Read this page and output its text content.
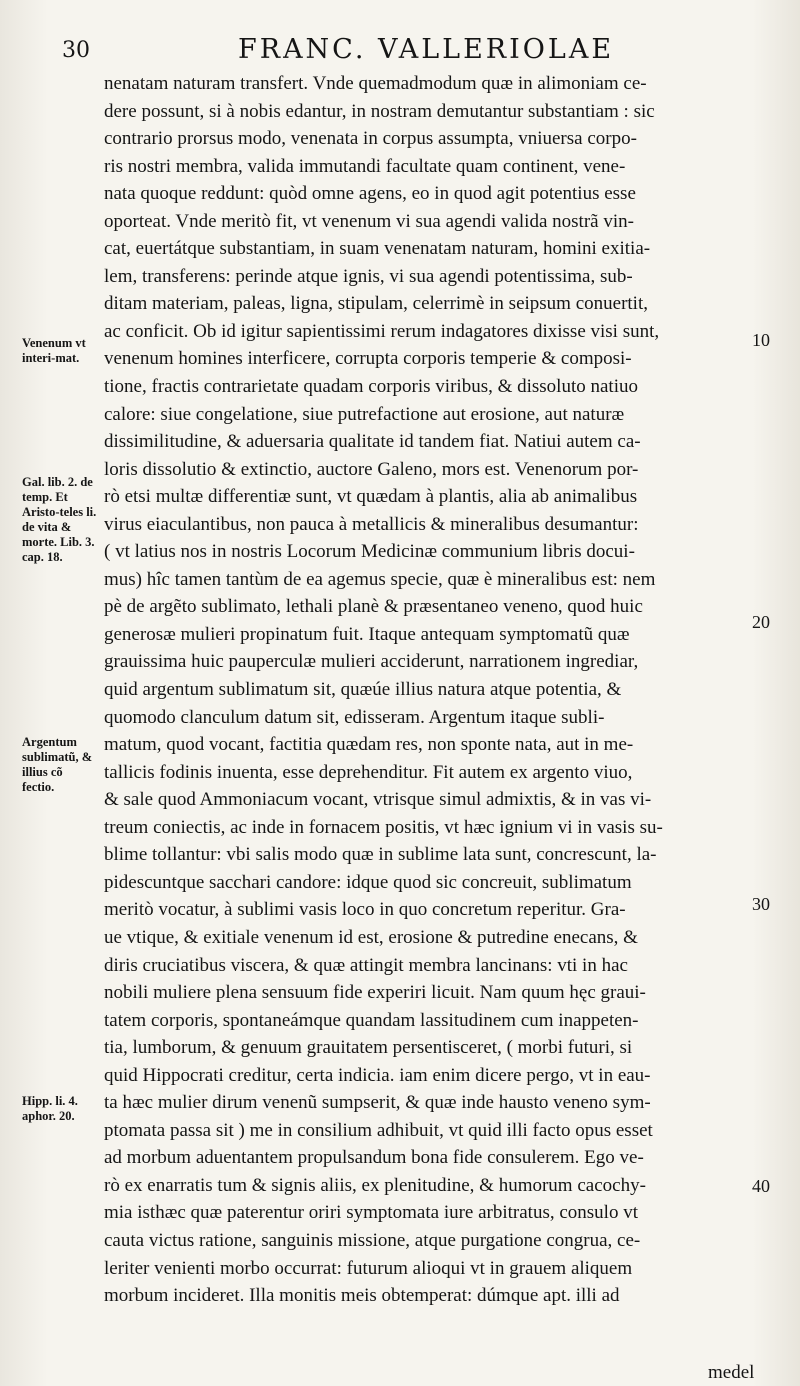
30	FRANC. VALLERIOLAE
nenatam naturam transfert. Vnde quemadmodum quæ in alimoniam ce-
dere possunt, si à nobis edantur, in nostram demutantur substantiam : sic
contrario prorsus modo, venenata in corpus assumpta, vniuersa corpo-
ris nostri membra, valida immutandi facultate quam continent, vene-
nata quoque reddunt: quòd omne agens, eo in quod agit potentius esse
oporteat. Vnde meritò fit, vt venenum vi sua agendi valida nostrã vin-
cat, euertátque substantiam, in suam venenatam naturam, homini exitia-
lem, transferens: perinde atque ignis, vi sua agendi potentissima, sub-
ditam materiam, paleas, ligna, stipulam, celerrimè in seipsum conuertit,
ac conficit. Ob id igitur sapientissimi rerum indagatores dixisse visi sunt,
venenum homines interficere, corrupta corporis temperie & composi-
tione, fractis contrarietate quadam corporis viribus, & dissoluto natiuo
calore: siue congelatione, siue putrefactione aut erosione, aut naturæ
dissimilitudine, & aduersaria qualitate id tandem fiat. Natiui autem ca-
loris dissolutio & extinctio, auctore Galeno, mors est. Venenorum por-
rò etsi multæ differentiæ sunt, vt quædam à plantis, alia ab animalibus
virus eiaculantibus, non pauca à metallicis & mineralibus desumantur:
( vt latius nos in nostris Locorum Medicinæ communium libris docui-
mus) hîc tamen tantùm de ea agemus specie, quæ è mineralibus est: nem
pè de argẽto sublimato, lethali planè & præsentaneo veneno, quod huic
generosæ mulieri propinatum fuit. Itaque antequam symptomatũ quæ
grauissima huic pauperculæ mulieri acciderunt, narrationem ingrediar,
quid argentum sublimatum sit, quæúe illius natura atque potentia, &
quomodo clanculum datum sit, edisseram. Argentum itaque subli-
matum, quod vocant, factitia quædam res, non sponte nata, aut in me-
tallicis fodinis inuenta, esse deprehenditur. Fit autem ex argento viuo,
& sale quod Ammoniacum vocant, vtrisque simul admixtis, & in vas vi-
treum coniectis, ac inde in fornacem positis, vt hæc ignium vi in vasis su-
blime tollantur: vbi salis modo quæ in sublime lata sunt, concrescunt, la-
pidescuntque sacchari candore: idque quod sic concreuit, sublimatum
meritò vocatur, à sublimi vasis loco in quo concretum reperitur. Gra-
ue vtique, & exitiale venenum id est, erosione & putredine enecans, &
diris cruciatibus viscera, & quæ attingit membra lancinans: vti in hac
nobili muliere plena sensuum fide experiri licuit. Nam quum hęc graui-
tatem corporis, spontaneámque quandam lassitudinem cum inappeten-
tia, lumborum, & genuum grauitatem persentisceret, ( morbi futuri, si
quid Hippocrati creditur, certa indicia. iam enim dicere pergo, vt in eau-
ta hæc mulier dirum venenũ sumpserit, & quæ inde hausto veneno sym-
ptomata passa sit ) me in consilium adhibuit, vt quid illi facto opus esset
ad morbum aduentantem propulsandum bona fide consulerem. Ego ve-
rò ex enarratis tum & signis aliis, ex plenitudine, & humorum cacochy-
mia isthæc quæ paterentur oriri symptomata iure arbitratus, consulo vt
cauta victus ratione, sanguinis missione, atque purgatione congrua, ce-
leriter venienti morbo occurrat: futurum alioqui vt in grauem aliquem
morbum incideret. Illa monitis meis obtemperat: dúmque apt. illi ad
Venenum vt interi-mat.
Gal. lib. 2. de temp. Et Aristo-teles li. de vita & morte. Lib. 3. cap. 18.
Argentum sublimatũ, & illius cõ fectio.
Hipp. li. 4. aphor. 20.
10
20
30
40
medel
